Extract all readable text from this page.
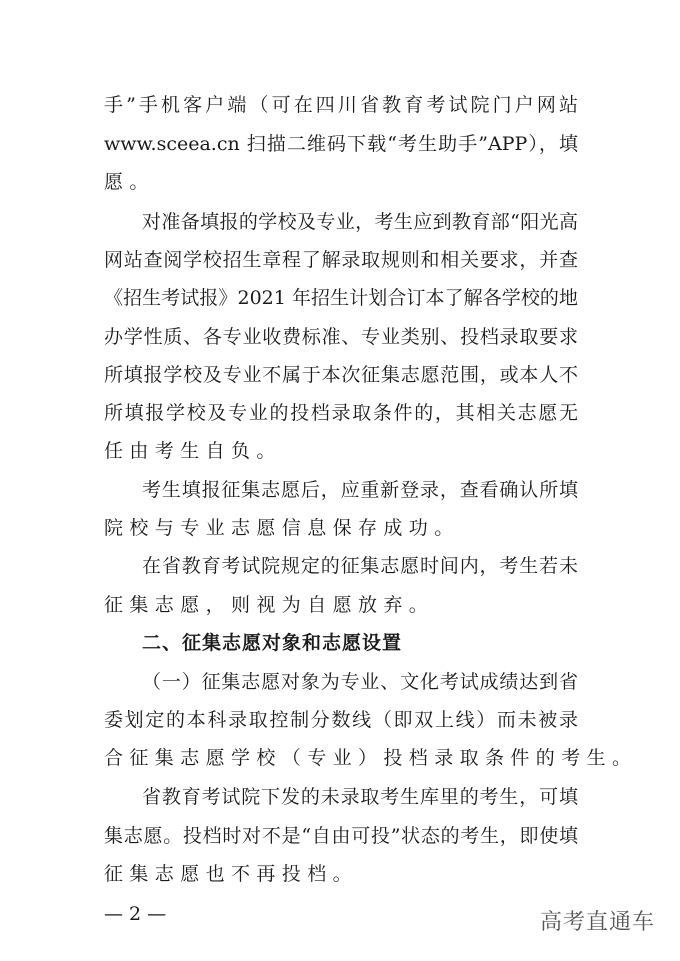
手”手机客户端（可在四川省教育考试院门户网站
www.sceea.cn 扫描二维码下载“考生助手”APP），填
愿。
对准备填报的学校及专业，考生应到教育部“阳光高
网站查阅学校招生章程了解录取规则和相关要求，并查
《招生考试报》2021 年招生计划合订本了解各学校的地
办学性质、各专业收费标准、专业类别、投档录取要求
所填报学校及专业不属于本次征集志愿范围，或本人不
所填报学校及专业的投档录取条件的，其相关志愿无
任由考生自负。
考生填报征集志愿后，应重新登录，查看确认所填
院校与专业志愿信息保存成功。
在省教育考试院规定的征集志愿时间内，考生若未
征集志愿，则视为自愿放弃。
二、征集志愿对象和志愿设置
（一）征集志愿对象为专业、文化考试成绩达到省
委划定的本科录取控制分数线（即双上线）而未被录
合征集志愿学校（专业）投档录取条件的考生。
省教育考试院下发的未录取考生库里的考生，可填
集志愿。投档时对不是“自由可投”状态的考生，即使填
征集志愿也不再投档。
— 2 —	高考直通车
